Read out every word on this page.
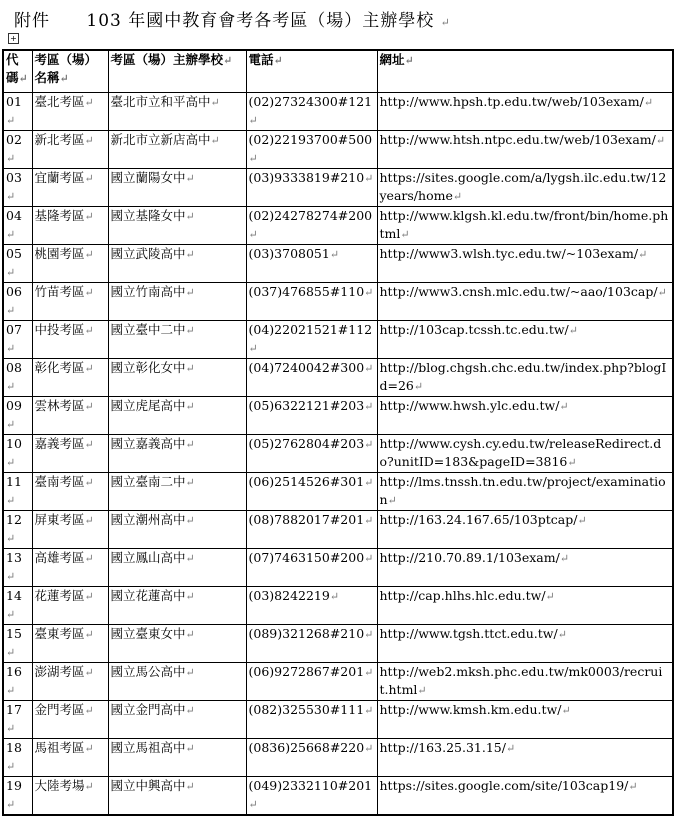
附件 103 年國中教育會考各考區（場）主辦學校 ↵
+
代碼 ↵	考區（場）名稱 ↵	考區（場）主辦學校 ↵	電話 ↵	網址 ↵
01 ↵	臺北考區 ↵	臺北市立和平高中 ↵	(02)27324300#121 ↵	http://www.hpsh.tp.edu.tw/web/103exam/ ↵
02 ↵	新北考區 ↵	新北市立新店高中 ↵	(02)22193700#500 ↵	http://www.htsh.ntpc.edu.tw/web/103exam/ ↵
03 ↵	宜蘭考區 ↵	國立蘭陽女中 ↵	(03)9333819#210 ↵	https://sites.google.com/a/lygsh.ilc.edu.tw/12years/home ↵
04 ↵	基隆考區 ↵	國立基隆女中 ↵	(02)24278274#200 ↵	http://www.klgsh.kl.edu.tw/front/bin/home.phtml ↵
05 ↵	桃園考區 ↵	國立武陵高中 ↵	(03)3708051 ↵	http://www3.wlsh.tyc.edu.tw/~103exam/ ↵
06 ↵	竹苗考區 ↵	國立竹南高中 ↵	(037)476855#110 ↵	http://www3.cnsh.mlc.edu.tw/~aao/103cap/ ↵
07 ↵	中投考區 ↵	國立臺中二中 ↵	(04)22021521#112 ↵	http://103cap.tcssh.tc.edu.tw/ ↵
08 ↵	彰化考區 ↵	國立彰化女中 ↵	(04)7240042#300 ↵	http://blog.chgsh.chc.edu.tw/index.php?blogId=26 ↵
09 ↵	雲林考區 ↵	國立虎尾高中 ↵	(05)6322121#203 ↵	http://www.hwsh.ylc.edu.tw/ ↵
10 ↵	嘉義考區 ↵	國立嘉義高中 ↵	(05)2762804#203 ↵	http://www.cysh.cy.edu.tw/releaseRedirect.do?unitID=183&pageID=3816 ↵
11 ↵	臺南考區 ↵	國立臺南二中 ↵	(06)2514526#301 ↵	http://lms.tnssh.tn.edu.tw/project/examination ↵
12 ↵	屏東考區 ↵	國立潮州高中 ↵	(08)7882017#201 ↵	http://163.24.167.65/103ptcap/ ↵
13 ↵	高雄考區 ↵	國立鳳山高中 ↵	(07)7463150#200 ↵	http://210.70.89.1/103exam/ ↵
14 ↵	花蓮考區 ↵	國立花蓮高中 ↵	(03)8242219 ↵	http://cap.hlhs.hlc.edu.tw/ ↵
15 ↵	臺東考區 ↵	國立臺東女中 ↵	(089)321268#210 ↵	http://www.tgsh.ttct.edu.tw/ ↵
16 ↵	澎湖考區 ↵	國立馬公高中 ↵	(06)9272867#201 ↵	http://web2.mksh.phc.edu.tw/mk0003/recruit.html ↵
17 ↵	金門考區 ↵	國立金門高中 ↵	(082)325530#111 ↵	http://www.kmsh.km.edu.tw/ ↵
18 ↵	馬祖考區 ↵	國立馬祖高中 ↵	(0836)25668#220 ↵	http://163.25.31.15/ ↵
19 ↵	大陸考場 ↵	國立中興高中 ↵	(049)2332110#201 ↵	https://sites.google.com/site/103cap19/ ↵
